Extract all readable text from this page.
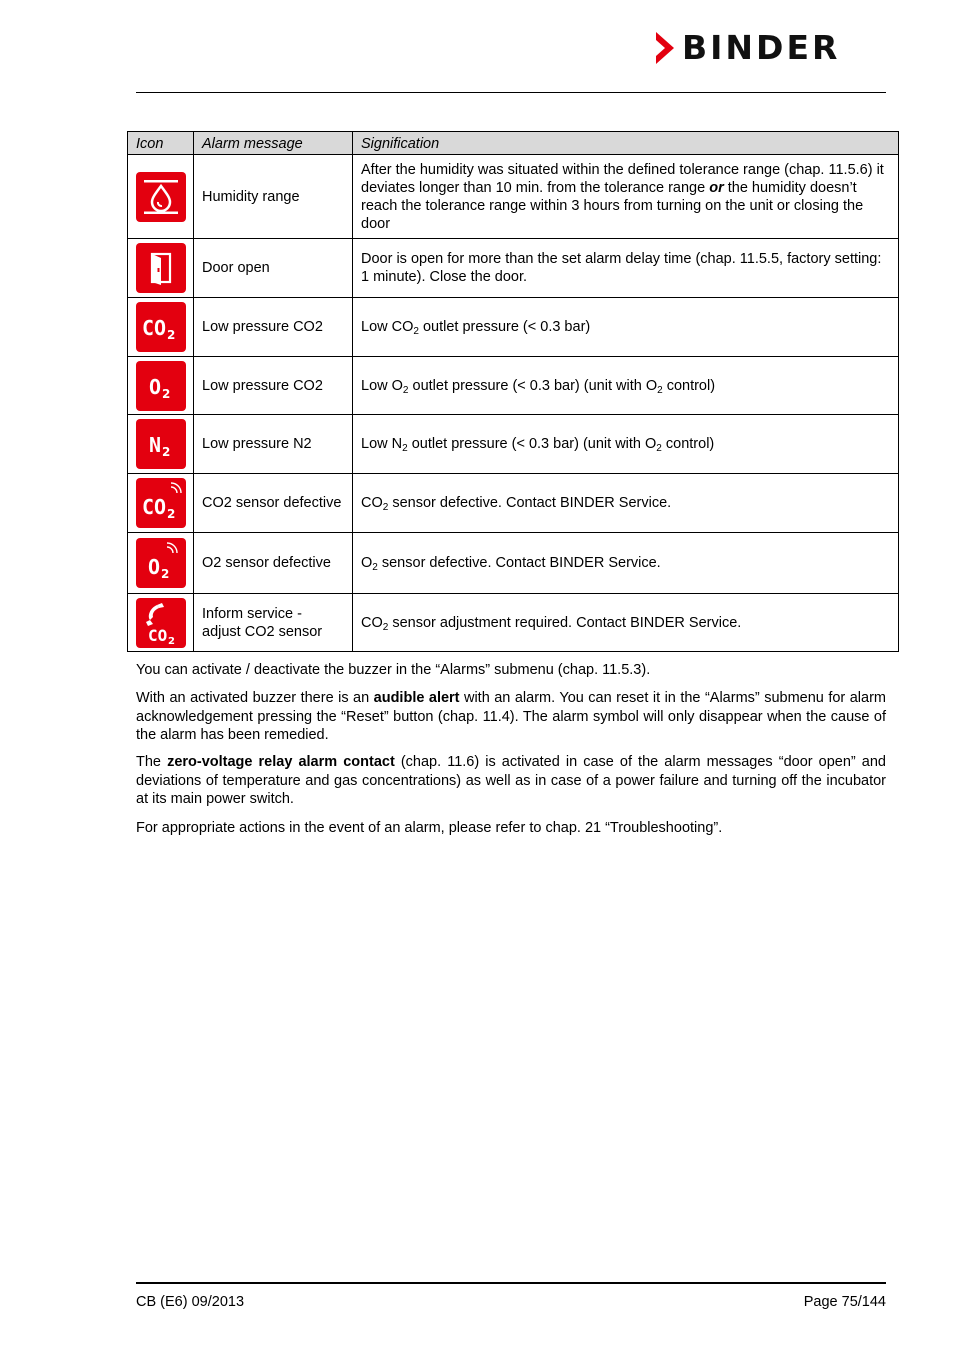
BINDER
Icon	Alarm message	Signification

	Humidity range	After the humidity was situated within the defined tolerance range (chap. 11.5.6) it deviates longer than 10 min. from the tolerance range or the humidity doesn’t reach the tolerance range within 3 hours from turning on the unit or closing the door

	Door open	Door is open for more than the set alarm delay time (chap. 11.5.5, factory setting: 1 minute). Close the door.

CO 2	Low pressure CO2	Low $CO_2$ outlet pressure (< 0.3 bar)

O 2	Low pressure CO2	Low $O_2$ outlet pressure (< 0.3 bar) (unit with $O_2$ control)

N 2	Low pressure N2	Low $N_2$ outlet pressure (< 0.3 bar) (unit with $O_2$ control)

CO 2	CO2 sensor defective	$CO_2$ sensor defective. Contact BINDER Service.

O 2	O2 sensor defective	$O_2$ sensor defective. Contact BINDER Service.

CO 2	Inform service - adjust CO2 sensor	$CO_2$ sensor adjustment required. Contact BINDER Service.

You can activate / deactivate the buzzer in the “Alarms” submenu (chap. 11.5.3).

With an activated buzzer there is an audible alert with an alarm. You can reset it in the “Alarms” submenu for alarm acknowledgement pressing the “Reset” button (chap. 11.4). The alarm symbol will only disappear when the cause of the alarm has been remedied.

The zero-voltage relay alarm contact (chap. 11.6) is activated in case of the alarm messages “door open” and deviations of temperature and gas concentrations) as well as in case of a power failure and turning off the incubator at its main power switch.

For appropriate actions in the event of an alarm, please refer to chap. 21 “Troubleshooting”.

CB (E6) 09/2013	Page 75/144
